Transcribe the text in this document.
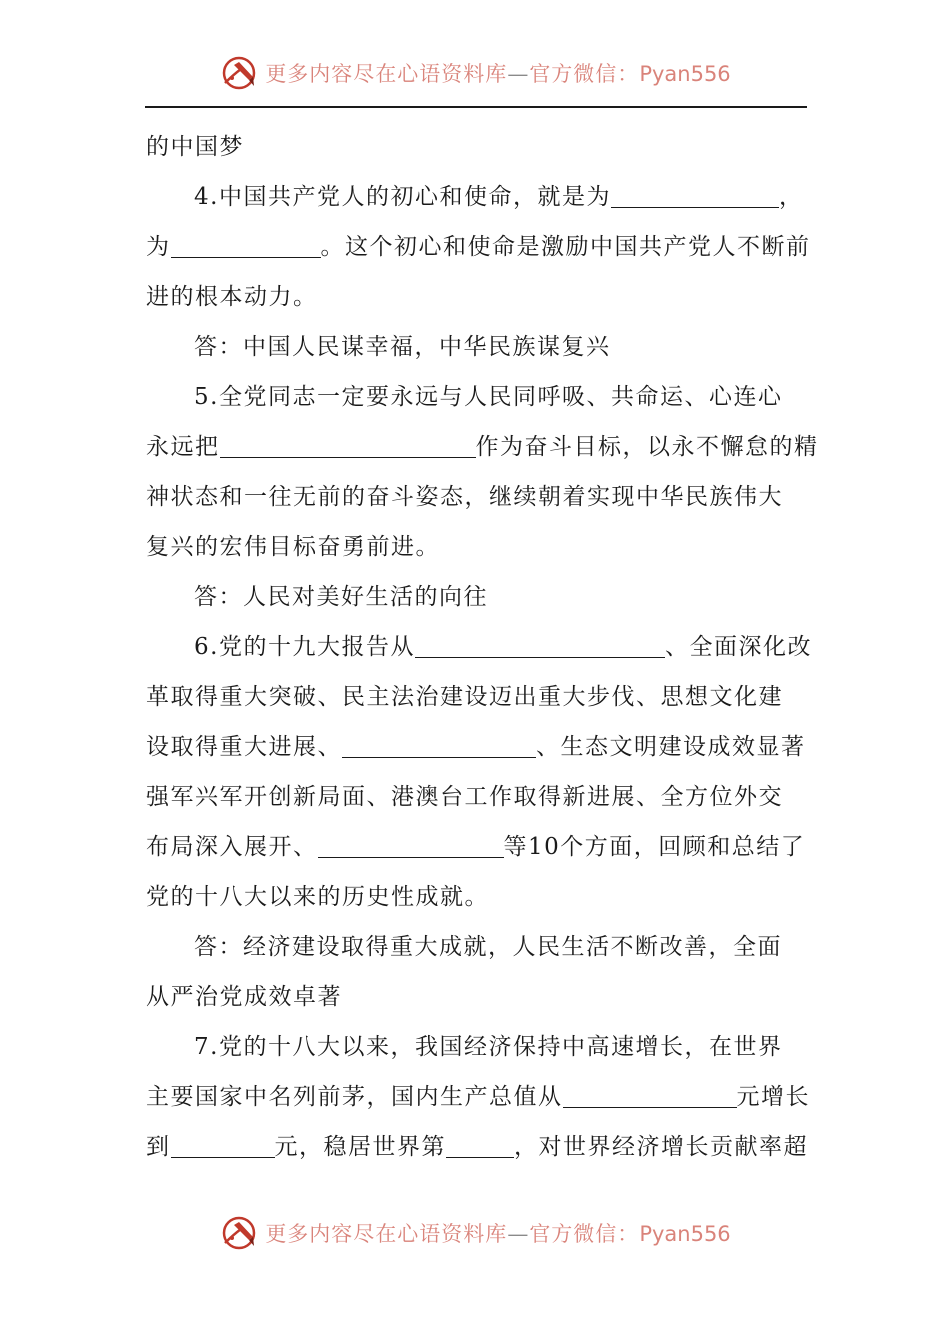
更多内容尽在心语资料库—官方微信：Pyan556
的中国梦
4.中国共产党人的初心和使命，就是为	，
为	。这个初心和使命是激励中国共产党人不断前
进的根本动力。
答：中国人民谋幸福，中华民族谋复兴
5.全党同志一定要永远与人民同呼吸、共命运、心连心
永远把	作为奋斗目标，以永不懈怠的精
神状态和一往无前的奋斗姿态，继续朝着实现中华民族伟大
复兴的宏伟目标奋勇前进。
答：人民对美好生活的向往
6.党的十九大报告从	、全面深化改
革取得重大突破、民主法治建设迈出重大步伐、思想文化建
设取得重大进展、	、生态文明建设成效显著
强军兴军开创新局面、港澳台工作取得新进展、全方位外交
布局深入展开、	等10个方面，回顾和总结了
党的十八大以来的历史性成就。
答：经济建设取得重大成就，人民生活不断改善，全面
从严治党成效卓著
7.党的十八大以来，我国经济保持中高速增长，在世界
主要国家中名列前茅，国内生产总值从	元增长
到	元，稳居世界第	，对世界经济增长贡献率超
更多内容尽在心语资料库—官方微信：Pyan556
